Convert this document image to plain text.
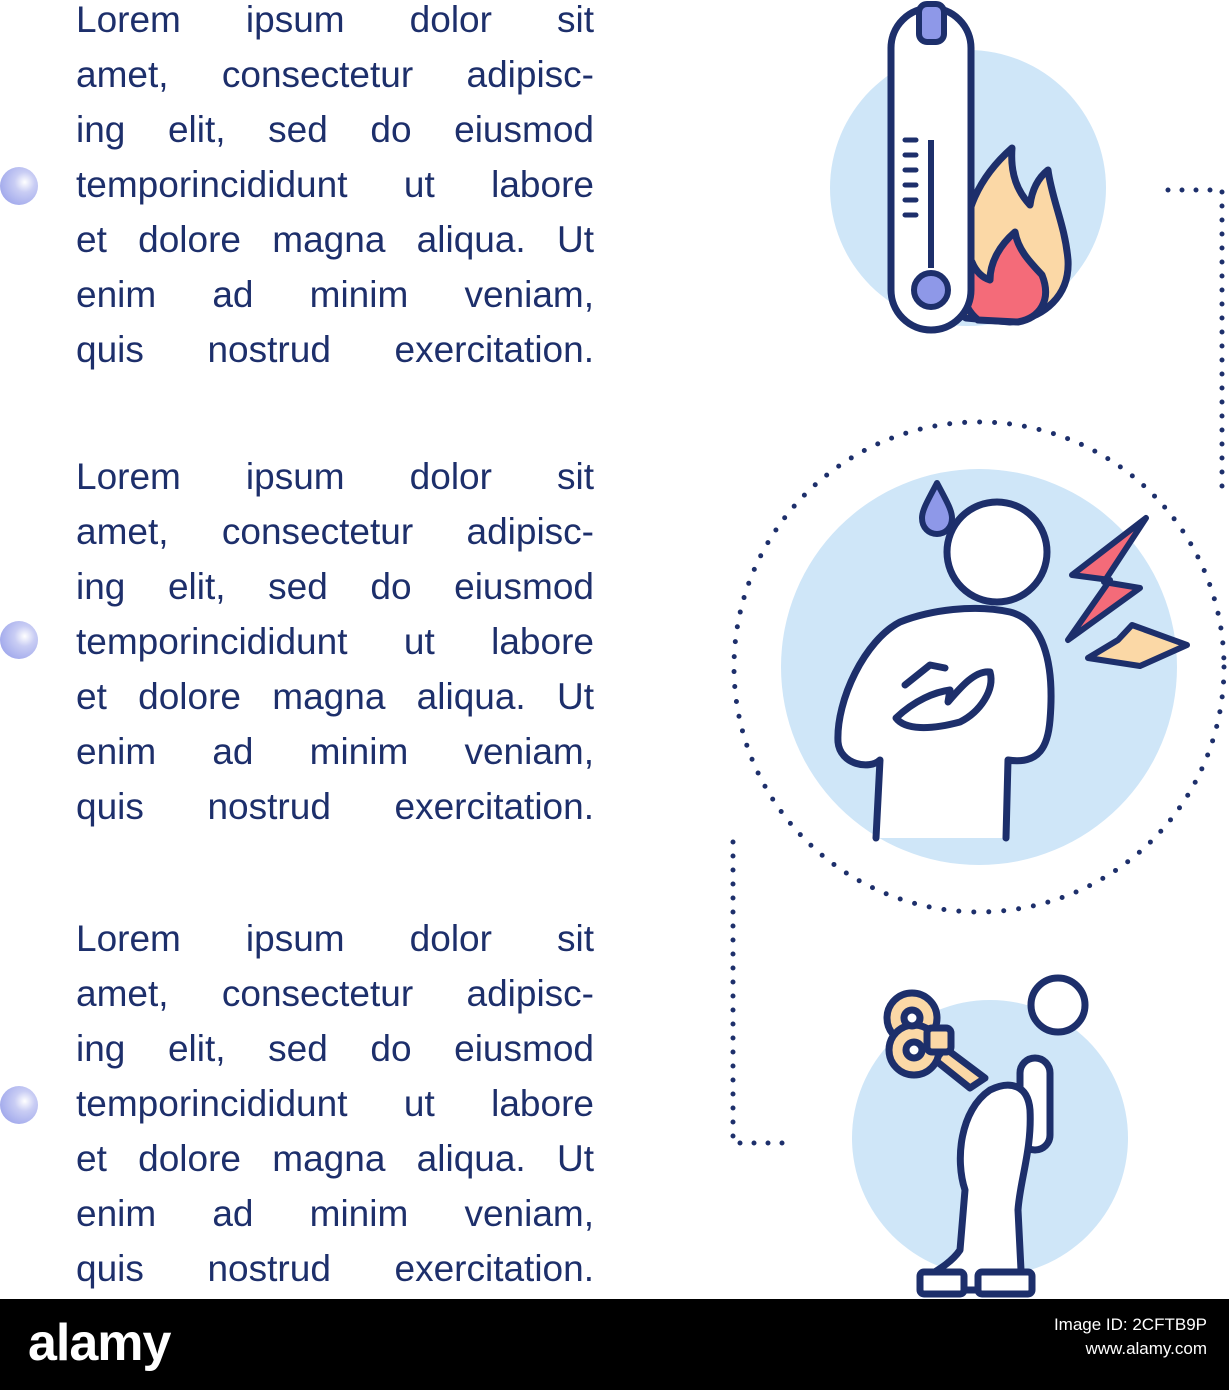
Lorem ipsum dolor sit
amet, consectetur adipisc-
ing elit, sed do eiusmod
temporincididunt ut labore
et dolore magna aliqua. Ut
enim ad minim veniam,
quis nostrud exercitation.

Lorem ipsum dolor sit
amet, consectetur adipisc-
ing elit, sed do eiusmod
temporincididunt ut labore
et dolore magna aliqua. Ut
enim ad minim veniam,
quis nostrud exercitation.

Lorem ipsum dolor sit
amet, consectetur adipisc-
ing elit, sed do eiusmod
temporincididunt ut labore
et dolore magna aliqua. Ut
enim ad minim veniam,
quis nostrud exercitation.

alamy	Image ID: 2CFTB9P
www.alamy.com
